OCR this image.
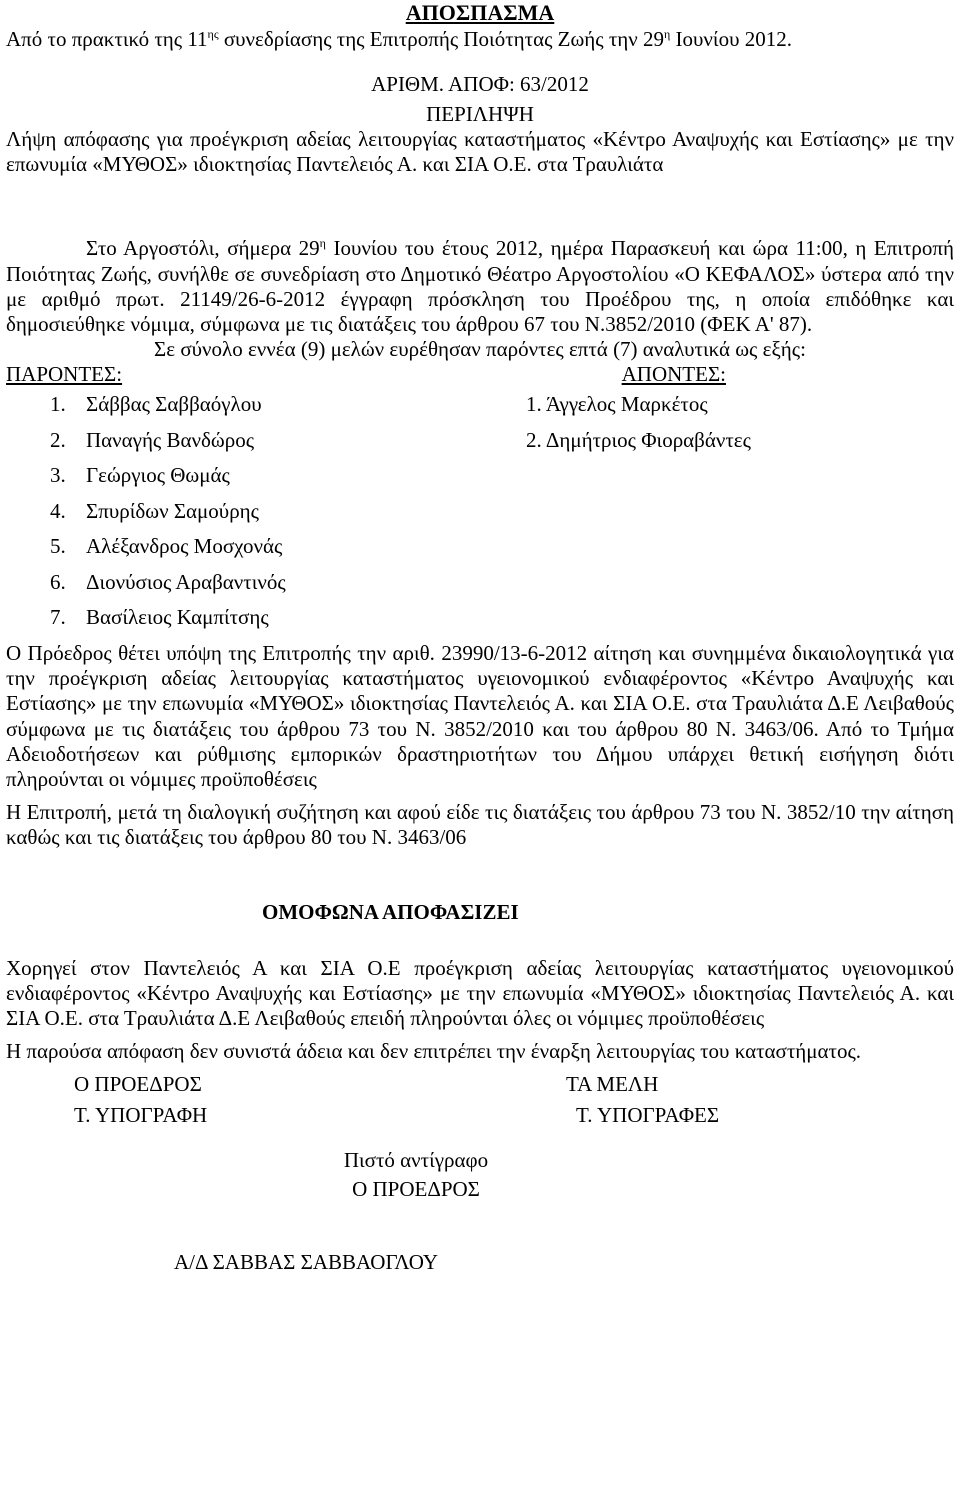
ΑΠΟΣΠΑΣΜΑ

Από το πρακτικό της $11^{\eta\varsigma}$ συνεδρίασης της Επιτροπής Ποιότητας Ζωής την $29^\eta$ Ιουνίου 2012.

ΑΡΙΘΜ. ΑΠΟΦ: 63/2012

ΠΕΡΙΛΗΨΗ

Λήψη απόφασης για προέγκριση αδείας λειτουργίας καταστήματος «Κέντρο Αναψυχής και Εστίασης» με την επωνυμία «ΜΥΘΟΣ» ιδιοκτησίας Παντελειός Α. και ΣΙΑ Ο.Ε. στα Τραυλιάτα

Στο Αργοστόλι, σήμερα $29^\eta$ Ιουνίου του έτους 2012, ημέρα Παρασκευή και ώρα 11:00, η Επιτροπή Ποιότητας Ζωής, συνήλθε σε συνεδρίαση στο Δημοτικό Θέατρο Αργοστολίου «Ο ΚΕΦΑΛΟΣ» ύστερα από την με αριθμό πρωτ. 21149/26-6-2012 έγγραφη πρόσκληση του Προέδρου της, η οποία επιδόθηκε και δημοσιεύθηκε νόμιμα, σύμφωνα με τις διατάξεις του άρθρου 67 του Ν.3852/2010 (ΦΕΚ Α' 87).

Σε σύνολο εννέα (9) μελών ευρέθησαν παρόντες επτά (7) αναλυτικά ως εξής:

ΠΑΡΟΝΤΕΣ:	ΑΠΟΝΤΕΣ:
1. Σάββας Σαββαόγλου
2. Παναγής Βανδώρος
3. Γεώργιος Θωμάς
4. Σπυρίδων Σαμούρης
5. Αλέξανδρος Μοσχονάς
6. Διονύσιος Αραβαντινός
7. Βασίλειος Καμπίτσης
1. Άγγελος Μαρκέτος
2. Δημήτριος Φιοραβάντες

Ο Πρόεδρος θέτει υπόψη της Επιτροπής την αριθ. 23990/13-6-2012 αίτηση και συνημμένα δικαιολογητικά για την προέγκριση αδείας λειτουργίας καταστήματος υγειονομικού ενδιαφέροντος «Κέντρο Αναψυχής και Εστίασης» με την επωνυμία «ΜΥΘΟΣ» ιδιοκτησίας Παντελειός Α. και ΣΙΑ Ο.Ε. στα Τραυλιάτα Δ.Ε Λειβαθούς σύμφωνα με τις διατάξεις του άρθρου 73 του Ν. 3852/2010 και του άρθρου 80 Ν. 3463/06. Από το Τμήμα Αδειοδοτήσεων και ρύθμισης εμπορικών δραστηριοτήτων του Δήμου υπάρχει θετική εισήγηση διότι πληρούνται οι νόμιμες προϋποθέσεις

Η Επιτροπή, μετά τη διαλογική συζήτηση και αφού είδε τις διατάξεις του άρθρου 73 του Ν. 3852/10 την αίτηση καθώς και τις διατάξεις του άρθρου 80 του Ν. 3463/06

ΟΜΟΦΩΝΑ ΑΠΟΦΑΣΙΖΕΙ

Χορηγεί στον Παντελειός Α και ΣΙΑ Ο.Ε προέγκριση αδείας λειτουργίας καταστήματος υγειονομικού ενδιαφέροντος «Κέντρο Αναψυχής και Εστίασης» με την επωνυμία «ΜΥΘΟΣ» ιδιοκτησίας Παντελειός Α. και ΣΙΑ Ο.Ε. στα Τραυλιάτα Δ.Ε Λειβαθούς επειδή πληρούνται όλες οι νόμιμες προϋποθέσεις

Η παρούσα απόφαση δεν συνιστά άδεια και δεν επιτρέπει την έναρξη λειτουργίας του καταστήματος.

Ο ΠΡΟΕΔΡΟΣ
Τ. ΥΠΟΓΡΑΦΗ
ΤΑ ΜΕΛΗ
Τ. ΥΠΟΓΡΑΦΕΣ
Πιστό αντίγραφο
Ο ΠΡΟΕΔΡΟΣ
Α/Δ ΣΑΒΒΑΣ ΣΑΒΒΑΟΓΛΟΥ
